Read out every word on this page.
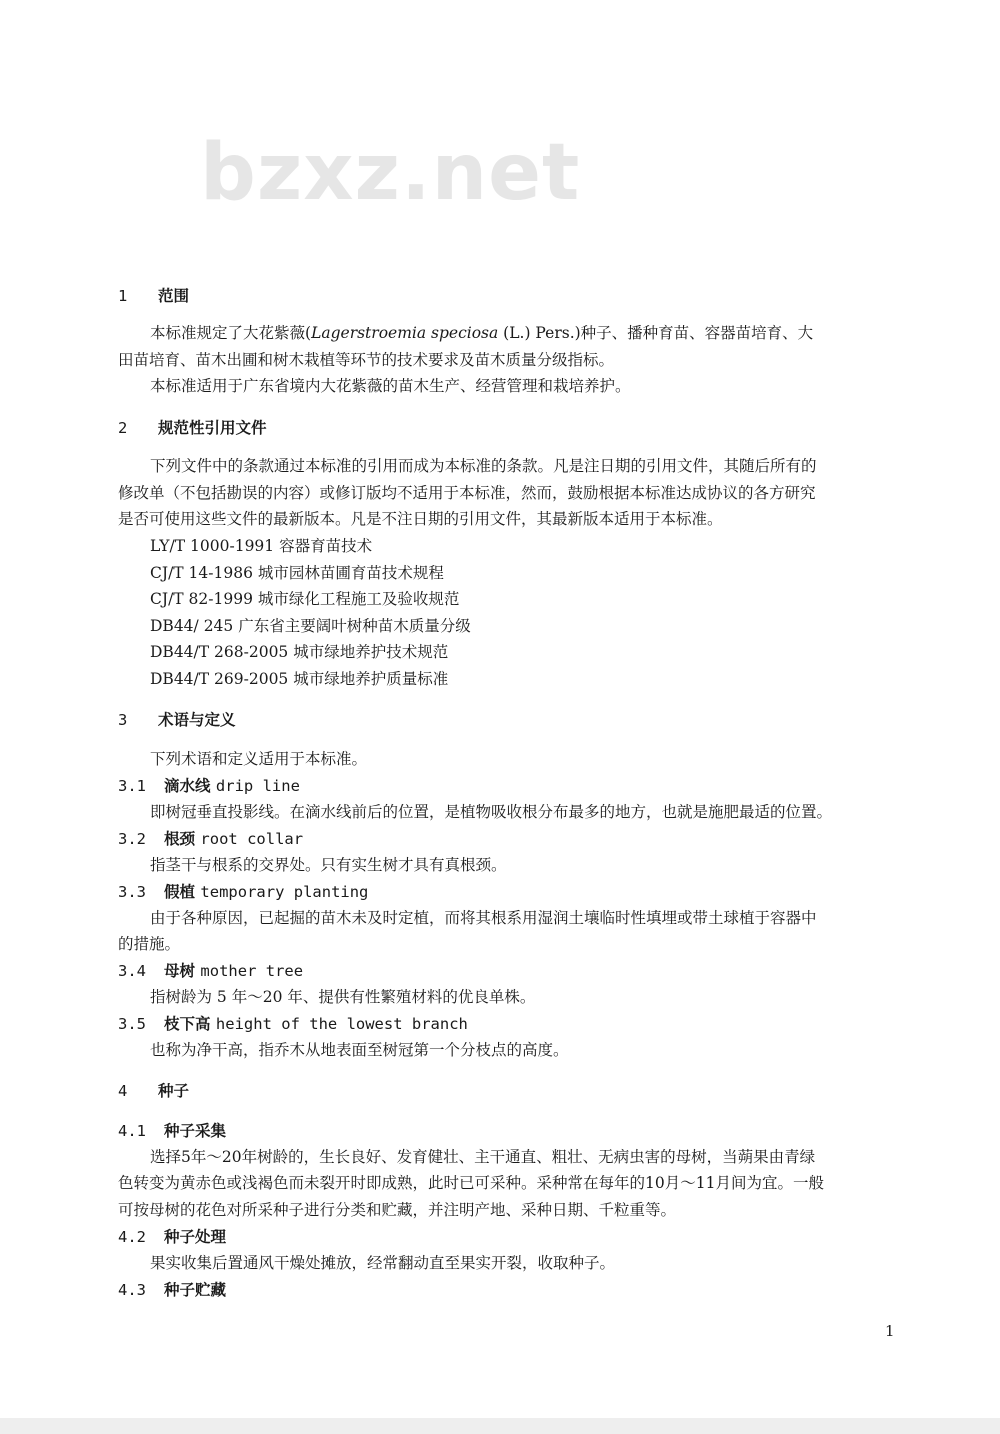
bzxz.net
1 范围
本标准规定了大花紫薇(Lagerstroemia speciosa (L.) Pers.)种子、播种育苗、容器苗培育、大
田苗培育、苗木出圃和树木栽植等环节的技术要求及苗木质量分级指标。
本标准适用于广东省境内大花紫薇的苗木生产、经营管理和栽培养护。
2 规范性引用文件
下列文件中的条款通过本标准的引用而成为本标准的条款。凡是注日期的引用文件，其随后所有的
修改单（不包括勘误的内容）或修订版均不适用于本标准，然而，鼓励根据本标准达成协议的各方研究
是否可使用这些文件的最新版本。凡是不注日期的引用文件，其最新版本适用于本标准。
LY/T 1000-1991 容器育苗技术
CJ/T 14-1986 城市园林苗圃育苗技术规程
CJ/T 82-1999 城市绿化工程施工及验收规范
DB44/ 245 广东省主要阔叶树种苗木质量分级
DB44/T 268-2005 城市绿地养护技术规范
DB44/T 269-2005 城市绿地养护质量标准
3 术语与定义
下列术语和定义适用于本标准。
3.1 滴水线 drip line
即树冠垂直投影线。在滴水线前后的位置，是植物吸收根分布最多的地方，也就是施肥最适的位置。
3.2 根颈 root collar
指茎干与根系的交界处。只有实生树才具有真根颈。
3.3 假植 temporary planting
由于各种原因，已起掘的苗木未及时定植，而将其根系用湿润土壤临时性填埋或带土球植于容器中
的措施。
3.4 母树 mother tree
指树龄为 5 年～20 年、提供有性繁殖材料的优良单株。
3.5 枝下高 height of the lowest branch
也称为净干高，指乔木从地表面至树冠第一个分枝点的高度。
4 种子
4.1 种子采集
选择5年～20年树龄的，生长良好、发育健壮、主干通直、粗壮、无病虫害的母树，当蒴果由青绿
色转变为黄赤色或浅褐色而未裂开时即成熟，此时已可采种。采种常在每年的10月～11月间为宜。一般
可按母树的花色对所采种子进行分类和贮藏，并注明产地、采种日期、千粒重等。
4.2 种子处理
果实收集后置通风干燥处摊放，经常翻动直至果实开裂，收取种子。
4.3 种子贮藏
1
